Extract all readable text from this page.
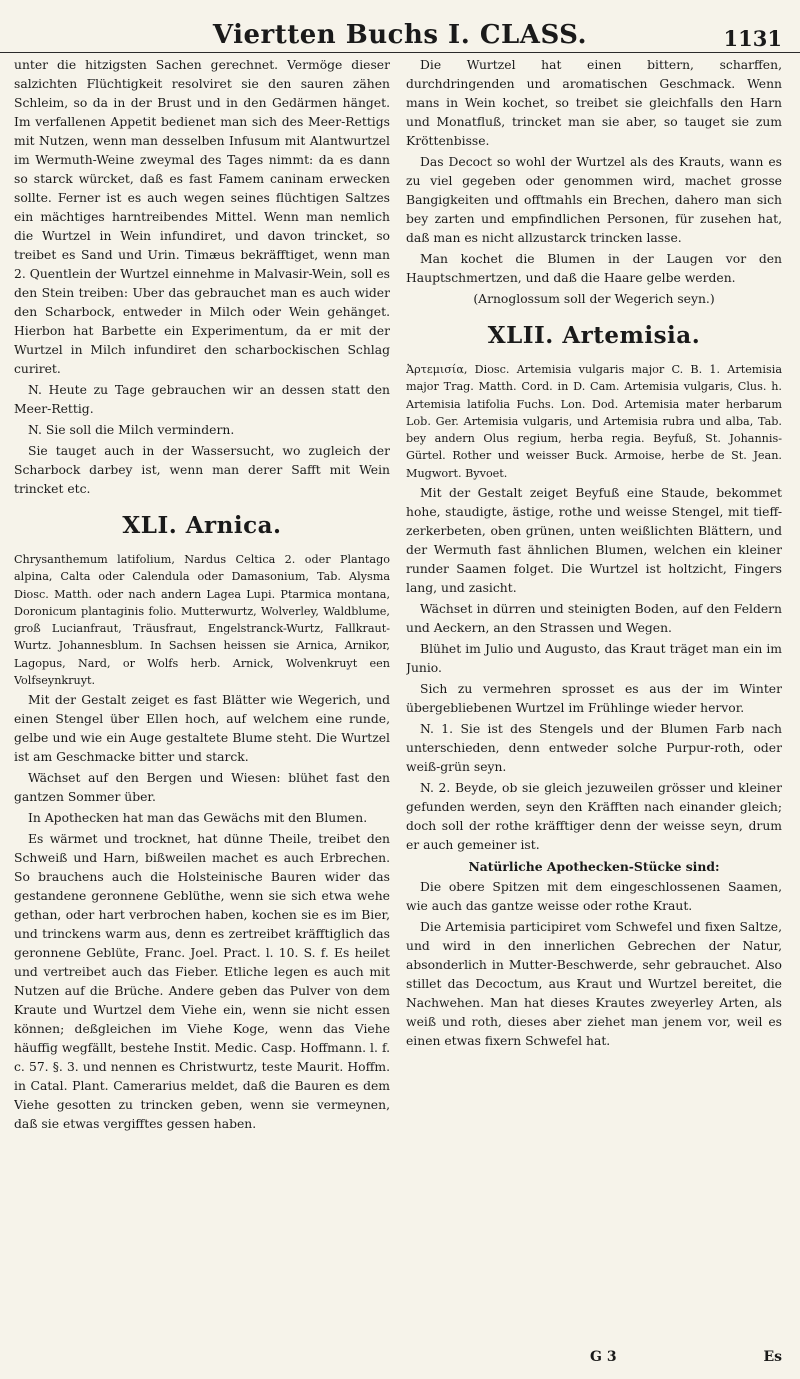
Viertten Buchs I. CLASS.	1131

unter die hitzigsten Sachen gerechnet. Vermöge dieser salzichten Flüchtigkeit resolviret sie den sauren zähen Schleim, so da in der Brust und in den Gedärmen hänget. Im verfallenen Appetit bedienet man sich des Meer-Rettigs mit Nutzen, wenn man desselben Infusum mit Alantwurtzel im Wermuth-Weine zweymal des Tages nimmt: da es dann so starck würcket, daß es fast Famem caninam erwecken sollte. Ferner ist es auch wegen seines flüchtigen Saltzes ein mächtiges harntreibendes Mittel. Wenn man nemlich die Wurtzel in Wein infundiret, und davon trincket, so treibet es Sand und Urin. Timæus bekräfftiget, wenn man 2. Quentlein der Wurtzel einnehme in Malvasir-Wein, soll es den Stein treiben: Uber das gebrauchet man es auch wider den Scharbock, entweder in Milch oder Wein gehänget. Hierbon hat Barbette ein Experimentum, da er mit der Wurtzel in Milch infundiret den scharbockischen Schlag curiret.

N. Heute zu Tage gebrauchen wir an dessen statt den Meer-Rettig.

N. Sie soll die Milch vermindern.

Sie tauget auch in der Wassersucht, wo zugleich der Scharbock darbey ist, wenn man derer Safft mit Wein trincket etc.

XLI. Arnica.

Chrysanthemum latifolium, Nardus Celtica 2. oder Plantago alpina, Calta oder Calendula oder Damasonium, Tab. Alysma Diosc. Matth. oder nach andern Lagea Lupi. Ptarmica montana, Doronicum plantaginis folio. Mutterwurtz, Wolverley, Waldblume, groß Lucianfraut, Träusfraut, Engelstranck-Wurtz, Fallkraut-Wurtz. Johannesblum. In Sachsen heissen sie Arnica, Arnikor, Lagopus, Nard, or Wolfs herb. Arnick, Wolvenkruyt een Volfseynkruyt.

Mit der Gestalt zeiget es fast Blätter wie Wegerich, und einen Stengel über Ellen hoch, auf welchem eine runde, gelbe und wie ein Auge gestaltete Blume steht. Die Wurtzel ist am Geschmacke bitter und starck.

Wächset auf den Bergen und Wiesen: blühet fast den gantzen Sommer über.

In Apothecken hat man das Gewächs mit den Blumen.

Es wärmet und trocknet, hat dünne Theile, treibet den Schweiß und Harn, bißweilen machet es auch Erbrechen. So brauchens auch die Holsteinische Bauren wider das gestandene geronnene Geblüthe, wenn sie sich etwa wehe gethan, oder hart verbrochen haben, kochen sie es im Bier, und trinckens warm aus, denn es zertreibet kräfftiglich das geronnene Geblüte, Franc. Joel. Pract. l. 10. S. f. Es heilet und vertreibet auch das Fieber. Etliche legen es auch mit Nutzen auf die Brüche. Andere geben das Pulver von dem Kraute und Wurtzel dem Viehe ein, wenn sie nicht essen können; deßgleichen im Viehe Koge, wenn das Viehe häuffig wegfällt, bestehe Instit. Medic. Casp. Hoffmann. l. f. c. 57. §. 3. und nennen es Christwurtz, teste Maurit. Hoffm. in Catal. Plant. Camerarius meldet, daß die Bauren es dem Viehe gesotten zu trincken geben, wenn sie vermeynen, daß sie etwas vergifftes gessen haben.

Die Wurtzel hat einen bittern, scharffen, durchdringenden und aromatischen Geschmack. Wenn mans in Wein kochet, so treibet sie gleichfalls den Harn und Monatfluß, trincket man sie aber, so tauget sie zum Kröttenbisse.

Das Decoct so wohl der Wurtzel als des Krauts, wann es zu viel gegeben oder genommen wird, machet grosse Bangigkeiten und offtmahls ein Brechen, dahero man sich bey zarten und empfindlichen Personen, für zusehen hat, daß man es nicht allzustarck trincken lasse.

Man kochet die Blumen in der Laugen vor den Hauptschmertzen, und daß die Haare gelbe werden.

(Arnoglossum soll der Wegerich seyn.)

XLII. Artemisia.

Ἀρτεμισία, Diosc. Artemisia vulgaris major C. B. 1. Artemisia major Trag. Matth. Cord. in D. Cam. Artemisia vulgaris, Clus. h. Artemisia latifolia Fuchs. Lon. Dod. Artemisia mater herbarum Lob. Ger. Artemisia vulgaris, und Artemisia rubra und alba, Tab. bey andern Olus regium, herba regia. Beyfuß, St. Johannis-Gürtel. Rother und weisser Buck. Armoise, herbe de St. Jean. Mugwort. Byvoet.

Mit der Gestalt zeiget Beyfuß eine Staude, bekommet hohe, staudigte, ästige, rothe und weisse Stengel, mit tieff-zerkerbeten, oben grünen, unten weißlichten Blättern, und der Wermuth fast ähnlichen Blumen, welchen ein kleiner runder Saamen folget. Die Wurtzel ist holtzicht, Fingers lang, und zasicht.

Wächset in dürren und steinigten Boden, auf den Feldern und Aeckern, an den Strassen und Wegen.

Blühet im Julio und Augusto, das Kraut träget man ein im Junio.

Sich zu vermehren sprosset es aus der im Winter übergebliebenen Wurtzel im Frühlinge wieder hervor.

N. 1. Sie ist des Stengels und der Blumen Farb nach unterschieden, denn entweder solche Purpur-roth, oder weiß-grün seyn.

N. 2. Beyde, ob sie gleich jezuweilen grösser und kleiner gefunden werden, seyn den Kräfften nach einander gleich; doch soll der rothe kräfftiger denn der weisse seyn, drum er auch gemeiner ist.

Natürliche Apothecken-Stücke sind:

Die obere Spitzen mit dem eingeschlossenen Saamen, wie auch das gantze weisse oder rothe Kraut.

Die Artemisia participiret vom Schwefel und fixen Saltze, und wird in den innerlichen Gebrechen der Natur, absonderlich in Mutter-Beschwerde, sehr gebrauchet. Also stillet das Decoctum, aus Kraut und Wurtzel bereitet, die Nachwehen. Man hat dieses Krautes zweyerley Arten, als weiß und roth, dieses aber ziehet man jenem vor, weil es einen etwas fixern Schwefel hat.

G 3	Es
